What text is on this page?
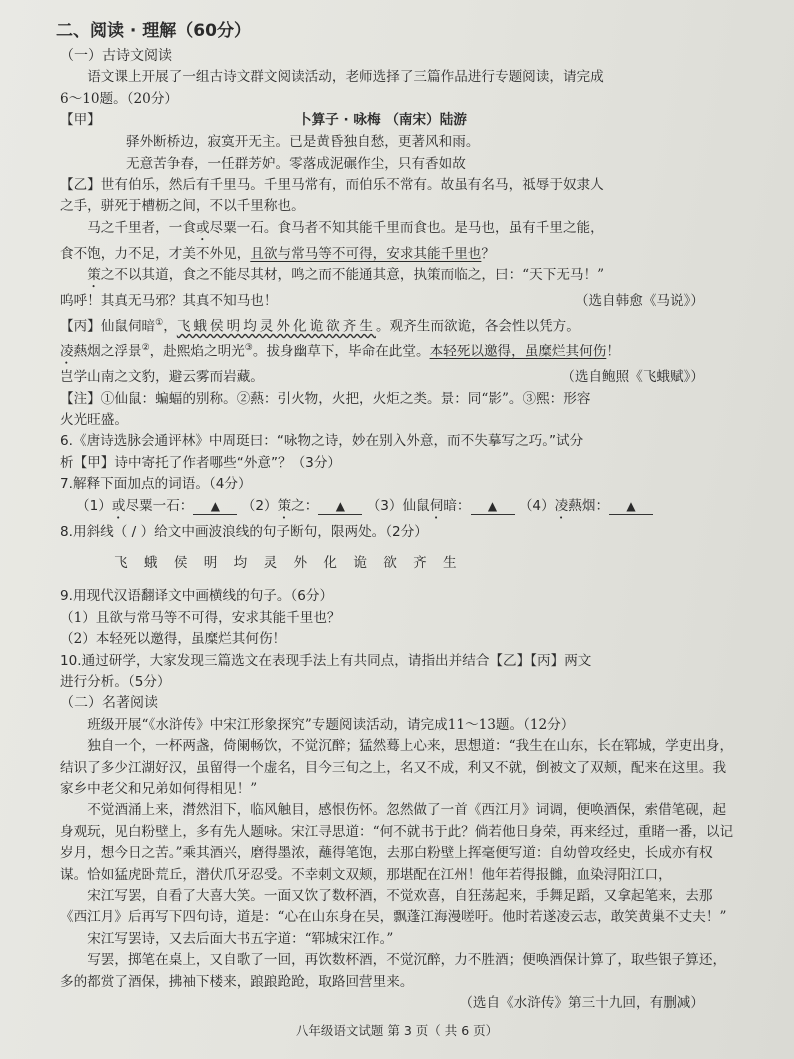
二、阅读 · 理解（60分）
（一）古诗文阅读

语文课上开展了一组古诗文群文阅读活动，老师选择了三篇作品进行专题阅读，请完成

6～10题。（20分）

【甲】	卜算子 · 咏梅 （南宋）陆游

驿外断桥边，寂寞开无主。已是黄昏独自愁，更著风和雨。

无意苦争春，一任群芳妒。零落成泥碾作尘，只有香如故

【乙】世有伯乐，然后有千里马。千里马常有，而伯乐不常有。故虽有名马，祗辱于奴隶人

之手，骈死于槽枥之间，不以千里称也。

马之千里者，一食或尽粟一石。食马者不知其能千里而食也。是马也，虽有千里之能，

食不饱，力不足，才美不外见，且欲与常马等不可得，安求其能千里也？

策之不以其道，食之不能尽其材，鸣之而不能通其意，执策而临之，曰：“天下无马！”

呜呼！其真无马邪？其真不知马也！	（选自韩愈《马说》）

【丙】仙鼠伺暗①，飞蛾侯明均灵外化诡欲齐生。观齐生而欲诡，各会性以凭方。

凌爇烟之浮景②，赴熙焰之明光③。拔身幽草下，毕命在此堂。本轻死以邀得，虽糜烂其何伤！

岂学山南之文豹，避云雾而岩藏。	（选自鲍照《飞蛾赋》）

【注】①仙鼠：蝙蝠的别称。②爇：引火物，火把，火炬之类。景：同“影”。③熙：形容

火光旺盛。

6.《唐诗选脉会通评林》中周珽曰：“咏物之诗，妙在别入外意，而不失摹写之巧。”试分

析【甲】诗中寄托了作者哪些“外意”？（3分）

7.解释下面加点的词语。（4分）

（1）或尽粟一石： ▲ （2）策之： ▲ （3）仙鼠伺暗： ▲ （4）凌爇烟： ▲

8.用斜线（ / ）给文中画波浪线的句子断句，限两处。（2分）

飞 蛾 侯 明 均 灵 外 化 诡 欲 齐 生

9.用现代汉语翻译文中画横线的句子。（6分）

（1）且欲与常马等不可得，安求其能千里也？

（2）本轻死以邀得，虽糜烂其何伤！

10.通过研学，大家发现三篇选文在表现手法上有共同点，请指出并结合【乙】【丙】两文

进行分析。（5分）

（二）名著阅读

班级开展“《水浒传》中宋江形象探究”专题阅读活动，请完成11～13题。（12分）

独自一个，一杯两盏，倚阑畅饮，不觉沉醉；猛然蓦上心来，思想道：“我生在山东，长在郓城，学吏出身，结识了多少江湖好汉，虽留得一个虚名，目今三旬之上，名又不成，利又不就，倒被文了双颊，配来在这里。我家乡中老父和兄弟如何得相见！”

不觉酒涌上来，潸然泪下，临风触目，感恨伤怀。忽然做了一首《西江月》词调，便唤酒保，索借笔砚，起身观玩，见白粉壁上，多有先人题咏。宋江寻思道：“何不就书于此？倘若他日身荣，再来经过，重睹一番，以记岁月，想今日之苦。”乘其酒兴，磨得墨浓，蘸得笔饱，去那白粉壁上挥毫便写道：自幼曾攻经史，长成亦有权谋。恰如猛虎卧荒丘，潜伏爪牙忍受。不幸刺文双颊，那堪配在江州！他年若得报雠，血染浔阳江口，

宋江写罢，自看了大喜大笑。一面又饮了数杯酒，不觉欢喜，自狂荡起来，手舞足蹈，又拿起笔来，去那《西江月》后再写下四句诗，道是：“心在山东身在吴，飘蓬江海漫嗟吁。他时若遂凌云志，敢笑黄巢不丈夫！”

宋江写罢诗，又去后面大书五字道：“郓城宋江作。”

写罢，掷笔在桌上，又自歌了一回，再饮数杯酒，不觉沉醉，力不胜酒；便唤酒保计算了，取些银子算还，多的都赏了酒保，拂袖下楼来，踉踉跄跄，取路回营里来。

（选自《水浒传》第三十九回，有删减）

八年级语文试题 第 3 页（ 共 6 页）
